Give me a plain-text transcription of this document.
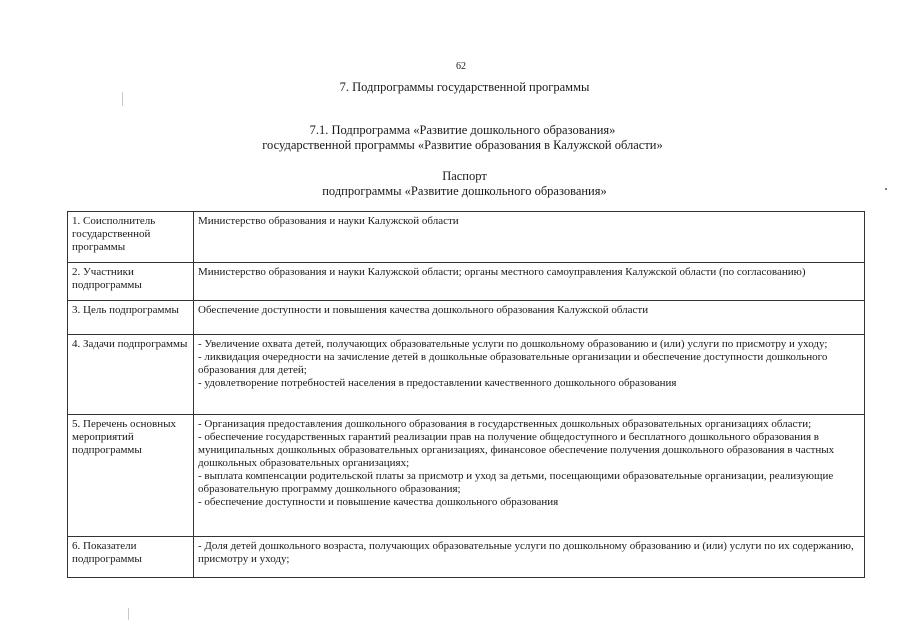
62
7. Подпрограммы государственной программы
7.1. Подпрограмма «Развитие дошкольного образования»
государственной программы «Развитие образования в Калужской области»
Паспорт
подпрограммы «Развитие дошкольного образования»
1. Соисполнитель государственной программы	Министерство образования и науки Калужской области

2. Участники подпрограммы	Министерство образования и науки Калужской области; органы местного самоуправления Калужской области (по согласованию)

3. Цель подпрограммы	Обеспечение доступности и повышения качества дошкольного образования Калужской области

4. Задачи подпрограммы	- Увеличение охвата детей, получающих образовательные услуги по дошкольному образованию и (или) услуги по присмотру и уходу;
- ликвидация очередности на зачисление детей в дошкольные образовательные организации и обеспечение доступности дошкольного образования для детей;
- удовлетворение потребностей населения в предоставлении качественного дошкольного образования

5. Перечень основных мероприятий подпрограммы	- Организация предоставления дошкольного образования в государственных дошкольных образовательных организациях области;
- обеспечение государственных гарантий реализации прав на получение общедоступного и бесплатного дошкольного образования в муниципальных дошкольных образовательных организациях, финансовое обеспечение получения дошкольного образования в частных дошкольных образовательных организациях;
- выплата компенсации родительской платы за присмотр и уход за детьми, посещающими образовательные организации, реализующие образовательную программу дошкольного образования;
- обеспечение доступности и повышение качества дошкольного образования

6. Показатели подпрограммы	- Доля детей дошкольного возраста, получающих образовательные услуги по дошкольному образованию и (или) услуги по их содержанию, присмотру и уходу;
